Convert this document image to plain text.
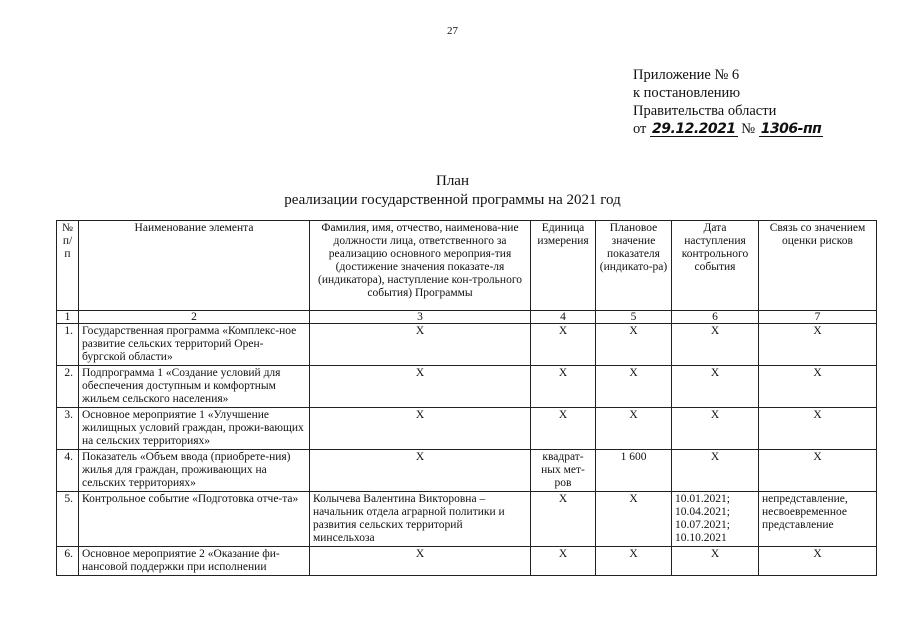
27
Приложение № 6
к постановлению
Правительства области
от 29.12.2021 № 1306-пп
План
реализации государственной программы на 2021 год
№ п/п	Наименование элемента	Фамилия, имя, отчество, наименова-ние должности лица, ответственного за реализацию основного мероприя-тия (достижение значения показате-ля (индикатора), наступление кон-трольного события) Программы	Единица измерения	Плановое значение показателя (индикато-ра)	Дата наступления контрольного события	Связь со значением оценки рисков
1	2	3	4	5	6	7
1.	Государственная программа «Комплекс-ное развитие сельских территорий Орен-бургской области»	X	X	X	X	X
2.	Подпрограмма 1 «Создание условий для обеспечения доступным и комфортным жильем сельского населения»	X	X	X	X	X
3.	Основное мероприятие 1 «Улучшение жилищных условий граждан, прожи-вающих на сельских территориях»	X	X	X	X	X
4.	Показатель «Объем ввода (приобрете-ния) жилья для граждан, проживающих на сельских территориях»	X	квадрат-ных мет-ров	1 600	X	X
5.	Контрольное событие «Подготовка отче-та»	Колычева Валентина Викторовна – начальник отдела аграрной политики и развития сельских территорий минсельхоза	X	X	10.01.2021; 10.04.2021; 10.07.2021; 10.10.2021	непредставление, несвоевременное представление
6.	Основное мероприятие 2 «Оказание фи-нансовой поддержки при исполнении	X	X	X	X	X
